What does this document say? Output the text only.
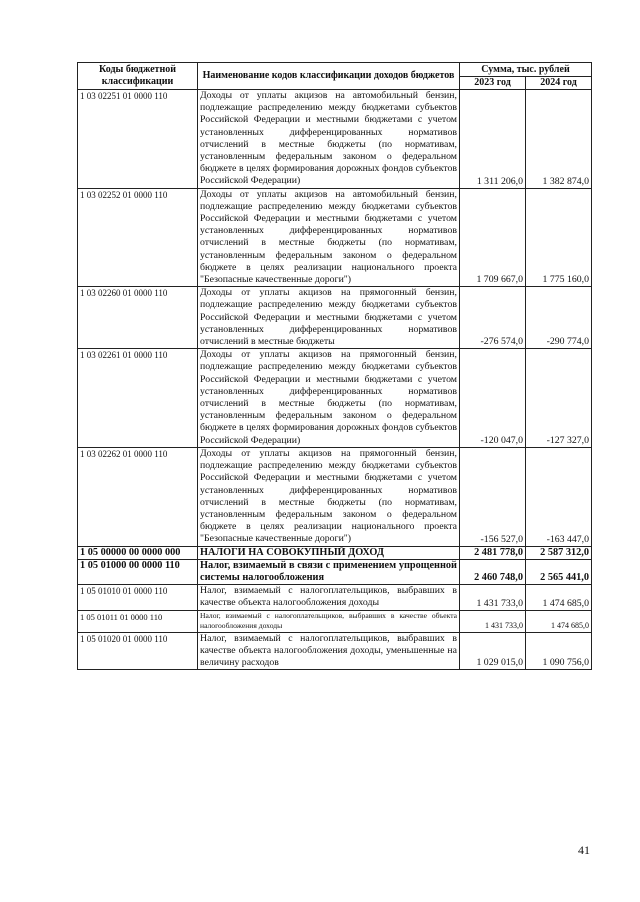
Коды бюджетной классификации	Наименование кодов классификации доходов бюджетов	Сумма, тыс. рублей	
		2023 год	2024 год
1 03 02251 01 0000 110	Доходы от уплаты акцизов на автомобильный бензин, подлежащие распределению между бюджетами субъектов Российской Федерации и местными бюджетами с учетом установленных дифференцированных нормативов отчислений в местные бюджеты (по нормативам, установленным федеральным законом о федеральном бюджете в целях формирования дорожных фондов субъектов Российской Федерации)	1 311 206,0	1 382 874,0
1 03 02252 01 0000 110	Доходы от уплаты акцизов на автомобильный бензин, подлежащие распределению между бюджетами субъектов Российской Федерации и местными бюджетами с учетом установленных дифференцированных нормативов отчислений в местные бюджеты (по нормативам, установленным федеральным законом о федеральном бюджете в целях реализации национального проекта "Безопасные качественные дороги")	1 709 667,0	1 775 160,0
1 03 02260 01 0000 110	Доходы от уплаты акцизов на прямогонный бензин, подлежащие распределению между бюджетами субъектов Российской Федерации и местными бюджетами с учетом установленных дифференцированных нормативов отчислений в местные бюджеты	-276 574,0	-290 774,0
1 03 02261 01 0000 110	Доходы от уплаты акцизов на прямогонный бензин, подлежащие распределению между бюджетами субъектов Российской Федерации и местными бюджетами с учетом установленных дифференцированных нормативов отчислений в местные бюджеты (по нормативам, установленным федеральным законом о федеральном бюджете в целях формирования дорожных фондов субъектов Российской Федерации)	-120 047,0	-127 327,0
1 03 02262 01 0000 110	Доходы от уплаты акцизов на прямогонный бензин, подлежащие распределению между бюджетами субъектов Российской Федерации и местными бюджетами с учетом установленных дифференцированных нормативов отчислений в местные бюджеты (по нормативам, установленным федеральным законом о федеральном бюджете в целях реализации национального проекта "Безопасные качественные дороги")	-156 527,0	-163 447,0
1 05 00000 00 0000 000	НАЛОГИ НА СОВОКУПНЫЙ ДОХОД	2 481 778,0	2 587 312,0
1 05 01000 00 0000 110	Налог, взимаемый в связи с применением упрощенной системы налогообложения	2 460 748,0	2 565 441,0
1 05 01010 01 0000 110	Налог, взимаемый с налогоплательщиков, выбравших в качестве объекта налогообложения доходы	1 431 733,0	1 474 685,0
1 05 01011 01 0000 110	Налог, взимаемый с налогоплательщиков, выбравших в качестве объекта налогообложения доходы	1 431 733,0	1 474 685,0
1 05 01020 01 0000 110	Налог, взимаемый с налогоплательщиков, выбравших в качестве объекта налогообложения доходы, уменьшенные на величину расходов	1 029 015,0	1 090 756,0
41
